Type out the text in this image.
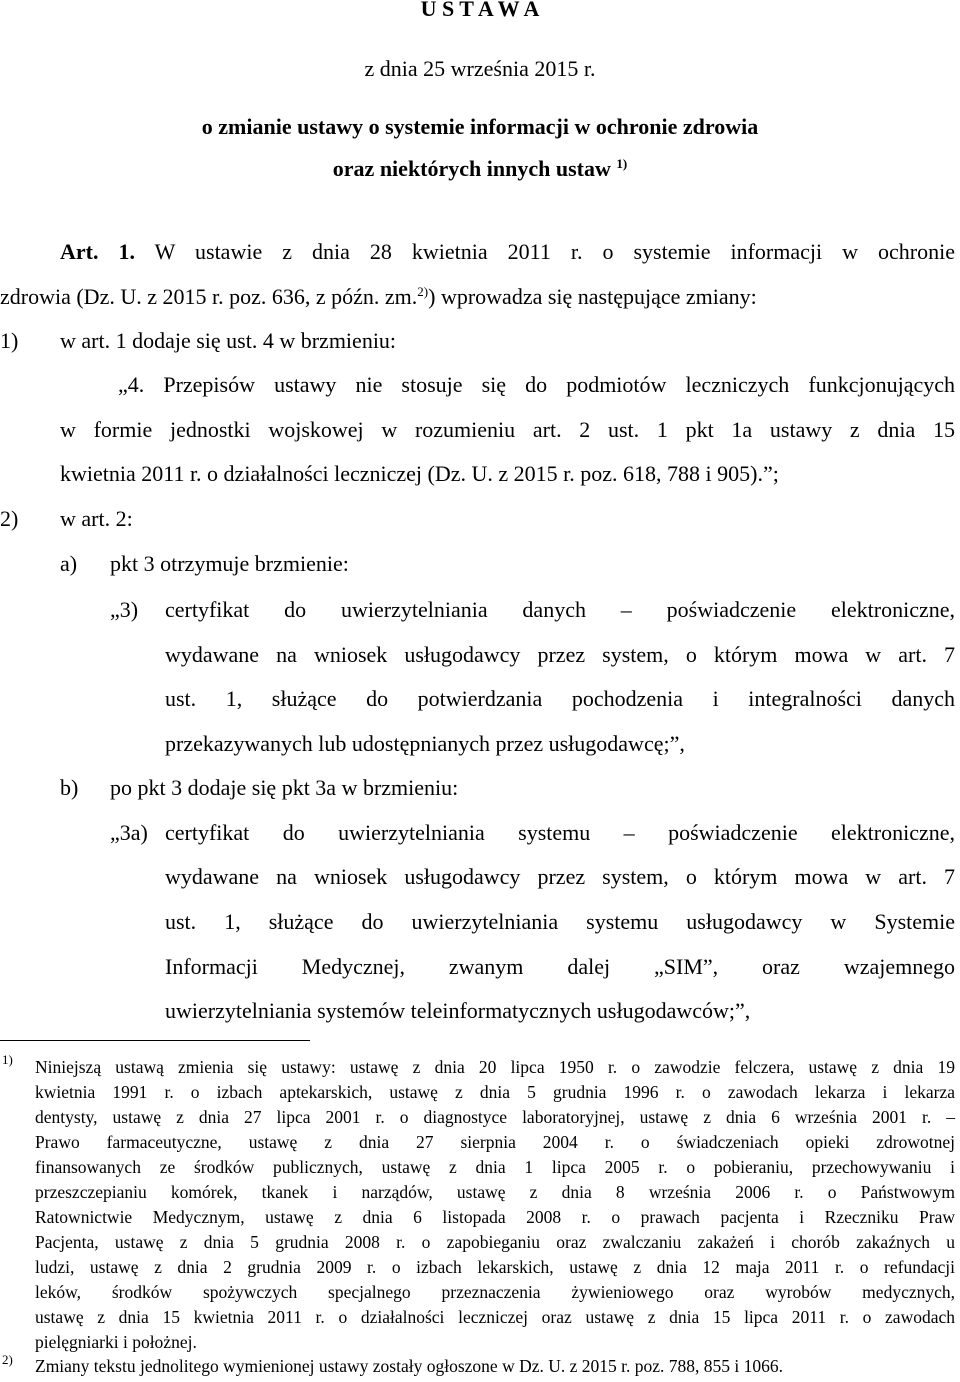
U S T A W A
z dnia 25 września 2015 r.
o zmianie ustawy o systemie informacji w ochronie zdrowia
oraz niektórych innych ustaw $^{1)}$
Art. 1. W ustawie z dnia 28 kwietnia 2011 r. o systemie informacji w ochronie
zdrowia (Dz. U. z 2015 r. poz. 636, z późn. zm.$^{2)}$) wprowadza się następujące zmiany:
1) w art. 1 dodaje się ust. 4 w brzmieniu:
„4. Przepisów ustawy nie stosuje się do podmiotów leczniczych funkcjonujących
w formie jednostki wojskowej w rozumieniu art. 2 ust. 1 pkt 1a ustawy z dnia 15
kwietnia 2011 r. o działalności leczniczej (Dz. U. z 2015 r. poz. 618, 788 i 905).”;
2) w art. 2:
a) pkt 3 otrzymuje brzmienie:
„3) certyfikat do uwierzytelniania danych – poświadczenie elektroniczne,
wydawane na wniosek usługodawcy przez system, o którym mowa w art. 7
ust. 1, służące do potwierdzania pochodzenia i integralności danych
przekazywanych lub udostępnianych przez usługodawcę;”,
b) po pkt 3 dodaje się pkt 3a w brzmieniu:
„3a) certyfikat do uwierzytelniania systemu – poświadczenie elektroniczne,
wydawane na wniosek usługodawcy przez system, o którym mowa w art. 7
ust. 1, służące do uwierzytelniania systemu usługodawcy w Systemie
Informacji Medycznej, zwanym dalej „SIM”, oraz wzajemnego
uwierzytelniania systemów teleinformatycznych usługodawców;”,
1) Niniejszą ustawą zmienia się ustawy: ustawę z dnia 20 lipca 1950 r. o zawodzie felczera, ustawę z dnia 19
kwietnia 1991 r. o izbach aptekarskich, ustawę z dnia 5 grudnia 1996 r. o zawodach lekarza i lekarza
dentysty, ustawę z dnia 27 lipca 2001 r. o diagnostyce laboratoryjnej, ustawę z dnia 6 września 2001 r. –
Prawo farmaceutyczne, ustawę z dnia 27 sierpnia 2004 r. o świadczeniach opieki zdrowotnej
finansowanych ze środków publicznych, ustawę z dnia 1 lipca 2005 r. o pobieraniu, przechowywaniu i
przeszczepianiu komórek, tkanek i narządów, ustawę z dnia 8 września 2006 r. o Państwowym
Ratownictwie Medycznym, ustawę z dnia 6 listopada 2008 r. o prawach pacjenta i Rzeczniku Praw
Pacjenta, ustawę z dnia 5 grudnia 2008 r. o zapobieganiu oraz zwalczaniu zakażeń i chorób zakaźnych u
ludzi, ustawę z dnia 2 grudnia 2009 r. o izbach lekarskich, ustawę z dnia 12 maja 2011 r. o refundacji
leków, środków spożywczych specjalnego przeznaczenia żywieniowego oraz wyrobów medycznych,
ustawę z dnia 15 kwietnia 2011 r. o działalności leczniczej oraz ustawę z dnia 15 lipca 2011 r. o zawodach
pielęgniarki i położnej.
2) Zmiany tekstu jednolitego wymienionej ustawy zostały ogłoszone w Dz. U. z 2015 r. poz. 788, 855 i 1066.
